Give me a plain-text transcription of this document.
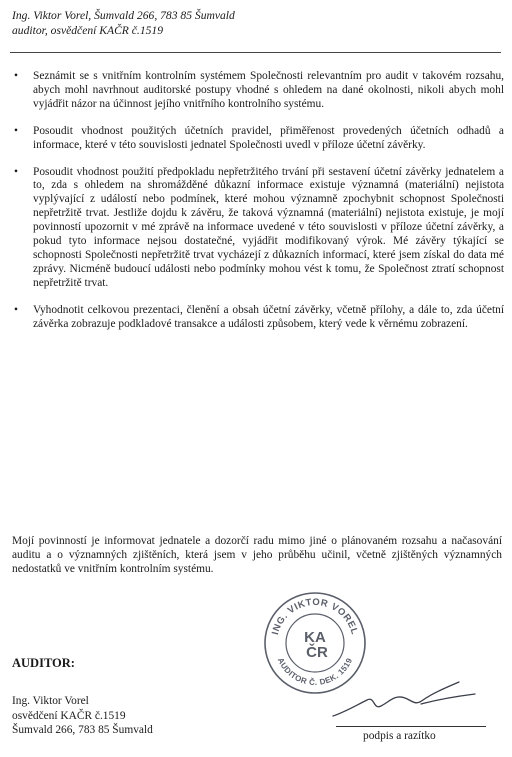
Ing. Viktor Vorel, Šumvald 266, 783 85 Šumvald
auditor, osvědčení KAČR č.1519
• Seznámit se s vnitřním kontrolním systémem Společnosti relevantním pro audit v takovém rozsahu, abych mohl navrhnout auditorské postupy vhodné s ohledem na dané okolnosti, nikoli abych mohl vyjádřit názor na účinnost jejího vnitřního kontrolního systému.
• Posoudit vhodnost použitých účetních pravidel, přiměřenost provedených účetních odhadů a informace, které v této souvislosti jednatel Společnosti uvedl v příloze účetní závěrky.
• Posoudit vhodnost použití předpokladu nepřetržitého trvání při sestavení účetní závěrky jednatelem a to, zda s ohledem na shromážděné důkazní informace existuje významná (materiální) nejistota vyplývající z událostí nebo podmínek, které mohou významně zpochybnit schopnost Společnosti nepřetržitě trvat. Jestliže dojdu k závěru, že taková významná (materiální) nejistota existuje, je mojí povinností upozornit v mé zprávě na informace uvedené v této souvislosti v příloze účetní závěrky, a pokud tyto informace nejsou dostatečné, vyjádřit modifikovaný výrok. Mé závěry týkající se schopnosti Společnosti nepřetržitě trvat vycházejí z důkazních informací, které jsem získal do data mé zprávy. Nicméně budoucí události nebo podmínky mohou vést k tomu, že Společnost ztratí schopnost nepřetržitě trvat.
• Vyhodnotit celkovou prezentaci, členění a obsah účetní závěrky, včetně přílohy, a dále to, zda účetní závěrka zobrazuje podkladové transakce a události způsobem, který vede k věrnému zobrazení.

Mojí povinností je informovat jednatele a dozorčí radu mimo jiné o plánovaném rozsahu a načasování auditu a o významných zjištěních, která jsem v jeho průběhu učinil, včetně zjištěných významných nedostatků ve vnitřním kontrolním systému.

AUDITOR:
Ing. Viktor Vorel
osvědčení KAČR č.1519
Šumvald 266, 783 85 Šumvald
ING. VIKTOR VOREL
AUDITOR Č. DEK. 1519
KA
ČR
podpis a razítko
